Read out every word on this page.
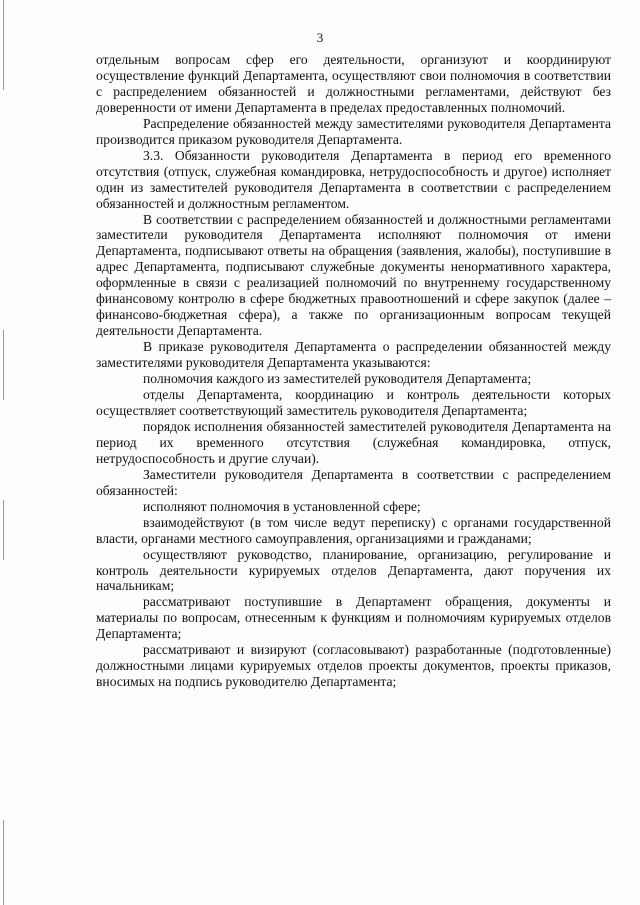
3

отдельным вопросам сфер его деятельности, организуют и координируют осуществление функций Департамента, осуществляют свои полномочия в соответствии с распределением обязанностей и должностными регламентами, действуют без доверенности от имени Департамента в пределах предоставленных полномочий.

Распределение обязанностей между заместителями руководителя Департамента производится приказом руководителя Департамента.

3.3. Обязанности руководителя Департамента в период его временного отсутствия (отпуск, служебная командировка, нетрудоспособность и другое) исполняет один из заместителей руководителя Департамента в соответствии с распределением обязанностей и должностным регламентом.

В соответствии с распределением обязанностей и должностными регламентами заместители руководителя Департамента исполняют полномочия от имени Департамента, подписывают ответы на обращения (заявления, жалобы), поступившие в адрес Департамента, подписывают служебные документы ненормативного характера, оформленные в связи с реализацией полномочий по внутреннему государственному финансовому контролю в сфере бюджетных правоотношений и сфере закупок (далее – финансово-бюджетная сфера), а также по организационным вопросам текущей деятельности Департамента.

В приказе руководителя Департамента о распределении обязанностей между заместителями руководителя Департамента указываются:

полномочия каждого из заместителей руководителя Департамента;

отделы Департамента, координацию и контроль деятельности которых осуществляет соответствующий заместитель руководителя Департамента;

порядок исполнения обязанностей заместителей руководителя Департамента на период их временного отсутствия (служебная командировка, отпуск, нетрудоспособность и другие случаи).

Заместители руководителя Департамента в соответствии с распределением обязанностей:

исполняют полномочия в установленной сфере;

взаимодействуют (в том числе ведут переписку) с органами государственной власти, органами местного самоуправления, организациями и гражданами;

осуществляют руководство, планирование, организацию, регулирование и контроль деятельности курируемых отделов Департамента, дают поручения их начальникам;

рассматривают поступившие в Департамент обращения, документы и материалы по вопросам, отнесенным к функциям и полномочиям курируемых отделов Департамента;

рассматривают и визируют (согласовывают) разработанные (подготовленные) должностными лицами курируемых отделов проекты документов, проекты приказов, вносимых на подпись руководителю Департамента;
